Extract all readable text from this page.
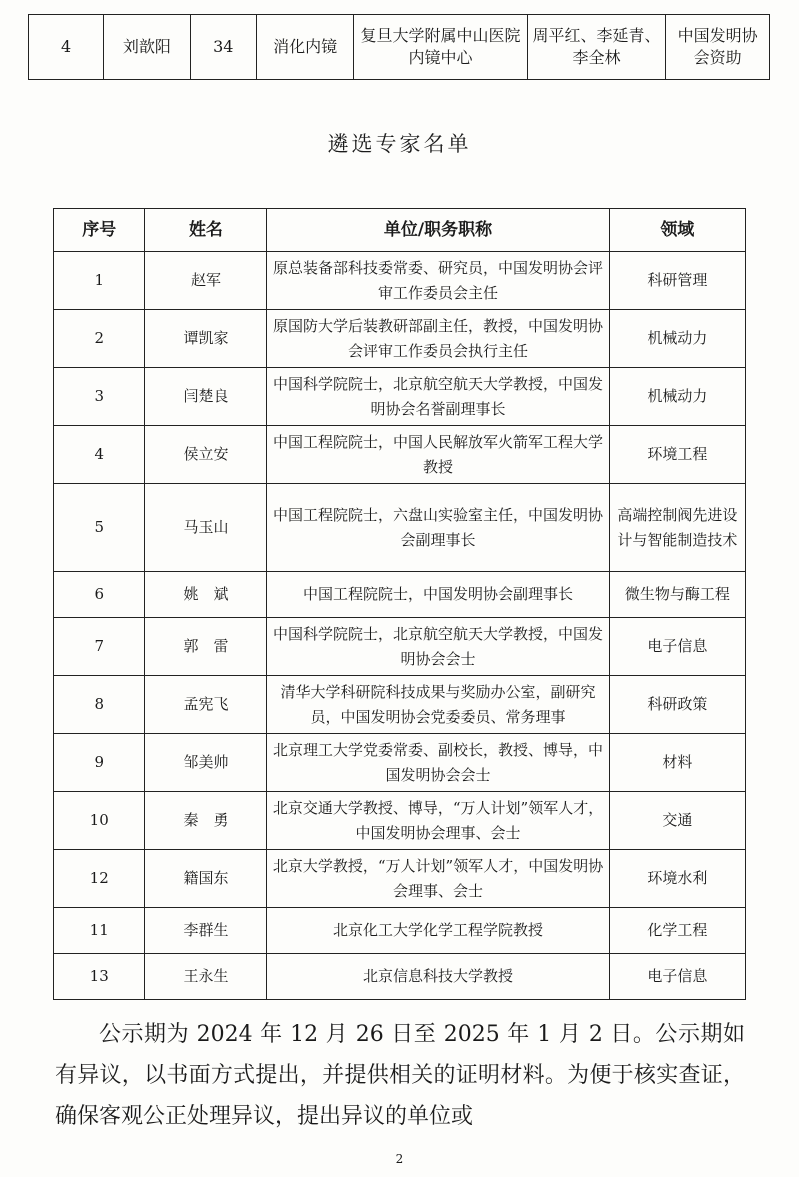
4	刘歆阳	34	消化内镜	复旦大学附属中山医院内镜中心	周平红、李延青、李全林	中国发明协会资助
遴选专家名单
序号	姓名	单位/职务职称	领域
1	赵军	原总装备部科技委常委、研究员，中国发明协会评审工作委员会主任	科研管理
2	谭凯家	原国防大学后装教研部副主任，教授，中国发明协会评审工作委员会执行主任	机械动力
3	闫楚良	中国科学院院士，北京航空航天大学教授，中国发明协会名誉副理事长	机械动力
4	侯立安	中国工程院院士，中国人民解放军火箭军工程大学教授	环境工程
5	马玉山	中国工程院院士，六盘山实验室主任，中国发明协会副理事长	高端控制阀先进设计与智能制造技术
6	姚　斌	中国工程院院士，中国发明协会副理事长	微生物与酶工程
7	郭　雷	中国科学院院士，北京航空航天大学教授，中国发明协会会士	电子信息
8	孟宪飞	清华大学科研院科技成果与奖励办公室，副研究员，中国发明协会党委委员、常务理事	科研政策
9	邹美帅	北京理工大学党委常委、副校长，教授、博导，中国发明协会会士	材料
10	秦　勇	北京交通大学教授、博导，“万人计划”领军人才，中国发明协会理事、会士	交通
12	籍国东	北京大学教授，“万人计划”领军人才，中国发明协会理事、会士	环境水利
11	李群生	北京化工大学化学工程学院教授	化学工程
13	王永生	北京信息科技大学教授	电子信息

公示期为 2024 年 12 月 26 日至 2025 年 1 月 2 日。公示期如有异议，以书面方式提出，并提供相关的证明材料。为便于核实查证，确保客观公正处理异议，提出异议的单位或

2
